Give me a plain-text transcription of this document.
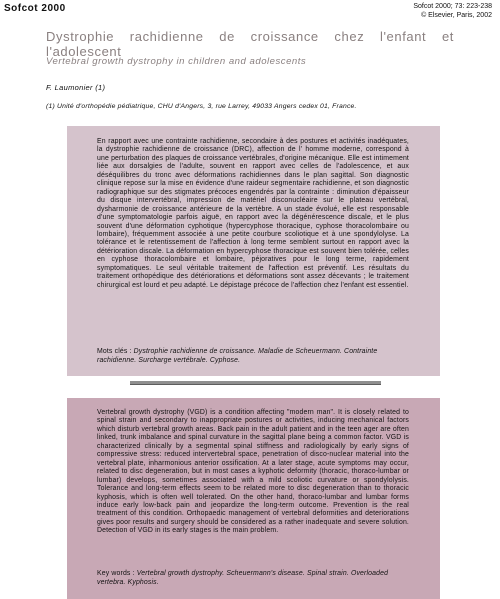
Sofcot 2000	Sofcot 2000; 73: 223-238
© Elsevier, Paris, 2002
Dystrophie rachidienne de croissance chez l'enfant et l'adolescent
Vertebral growth dystrophy in children and adolescents
F. Laumonier (1)
(1) Unité d'orthopédie pédiatrique, CHU d'Angers, 3, rue Larrey, 49033 Angers cedex 01, France.

En rapport avec une contrainte rachidienne, secondaire à des postures et activités inadéquates, la dystrophie rachidienne de croissance (DRC), affection de l' homme moderne, correspond à une perturbation des plaques de croissance vertébrales, d'origine mécanique. Elle est intimement liée aux dorsalgies de l'adulte, souvent en rapport avec celles de l'adolescence, et aux déséquilibres du tronc avec déformations rachidiennes dans le plan sagittal. Son diagnostic clinique repose sur la mise en évidence d'une raideur segmentaire rachidienne, et son diagnostic radiographique sur des stigmates précoces engendrés par la contrainte : diminution d'épaisseur du disque intervertébral, impression de matériel disconucléaire sur le plateau vertébral, dysharmonie de croissance antérieure de la vertèbre. A un stade évolué, elle est responsable d'une symptomatologie parfois aiguë, en rapport avec la dégénérescence discale, et le plus souvent d'une déformation cyphotique (hypercyphose thoracique, cyphose thoracolombaire ou lombaire), fréquemment associée à une petite courbure scoliotique et à une spondylolyse. La tolérance et le retentissement de l'affection à long terme semblent surtout en rapport avec la détérioration discale. La déformation en hypercyphose thoracique est souvent bien tolérée, celles en cyphose thoracolombaire et lombaire, péjoratives pour le long terme, rapidement symptomatiques. Le seul véritable traitement de l'affection est préventif. Les résultats du traitement orthopédique des détériorations et déformations sont assez décevants ; le traitement chirurgical est lourd et peu adapté. Le dépistage précoce de l'affection chez l'enfant est essentiel.

Mots clés : Dystrophie rachidienne de croissance. Maladie de Scheuermann. Contrainte rachidienne. Surcharge vertébrale. Cyphose.

Vertebral growth dystrophy (VGD) is a condition affecting "modern man". It is closely related to spinal strain and secondary to inappropriate postures or activities, inducing mechanical factors which disturb vertebral growth areas. Back pain in the adult patient and in the teen ager are often linked, trunk imbalance and spinal curvature in the sagittal plane being a common factor. VGD is characterized clinically by a segmental spinal stiffness and radiologically by early signs of compressive stress: reduced intervertebral space, penetration of disco-nuclear material into the vertebral plate, inharmonious anterior ossification. At a later stage, acute symptoms may occur, related to disc degeneration, but in most cases a kyphotic deformity (thoracic, thoraco-lumbar or lumbar) develops, sometimes associated with a mild scoliotic curvature or spondylolysis. Tolerance and long-term effects seem to be related more to disc degeneration than to thoracic kyphosis, which is often well tolerated. On the other hand, thoraco-lumbar and lumbar forms induce early low-back pain and jeopardize the long-term outcome. Prevention is the real treatment of this condition. Orthopaedic management of vertebral deformities and deteriorations gives poor results and surgery should be considered as a rather inadequate and severe solution. Detection of VGD in its early stages is the main problem.

Key words : Vertebral growth dystrophy. Scheuermann's disease. Spinal strain. Overloaded vertebra. Kyphosis.
